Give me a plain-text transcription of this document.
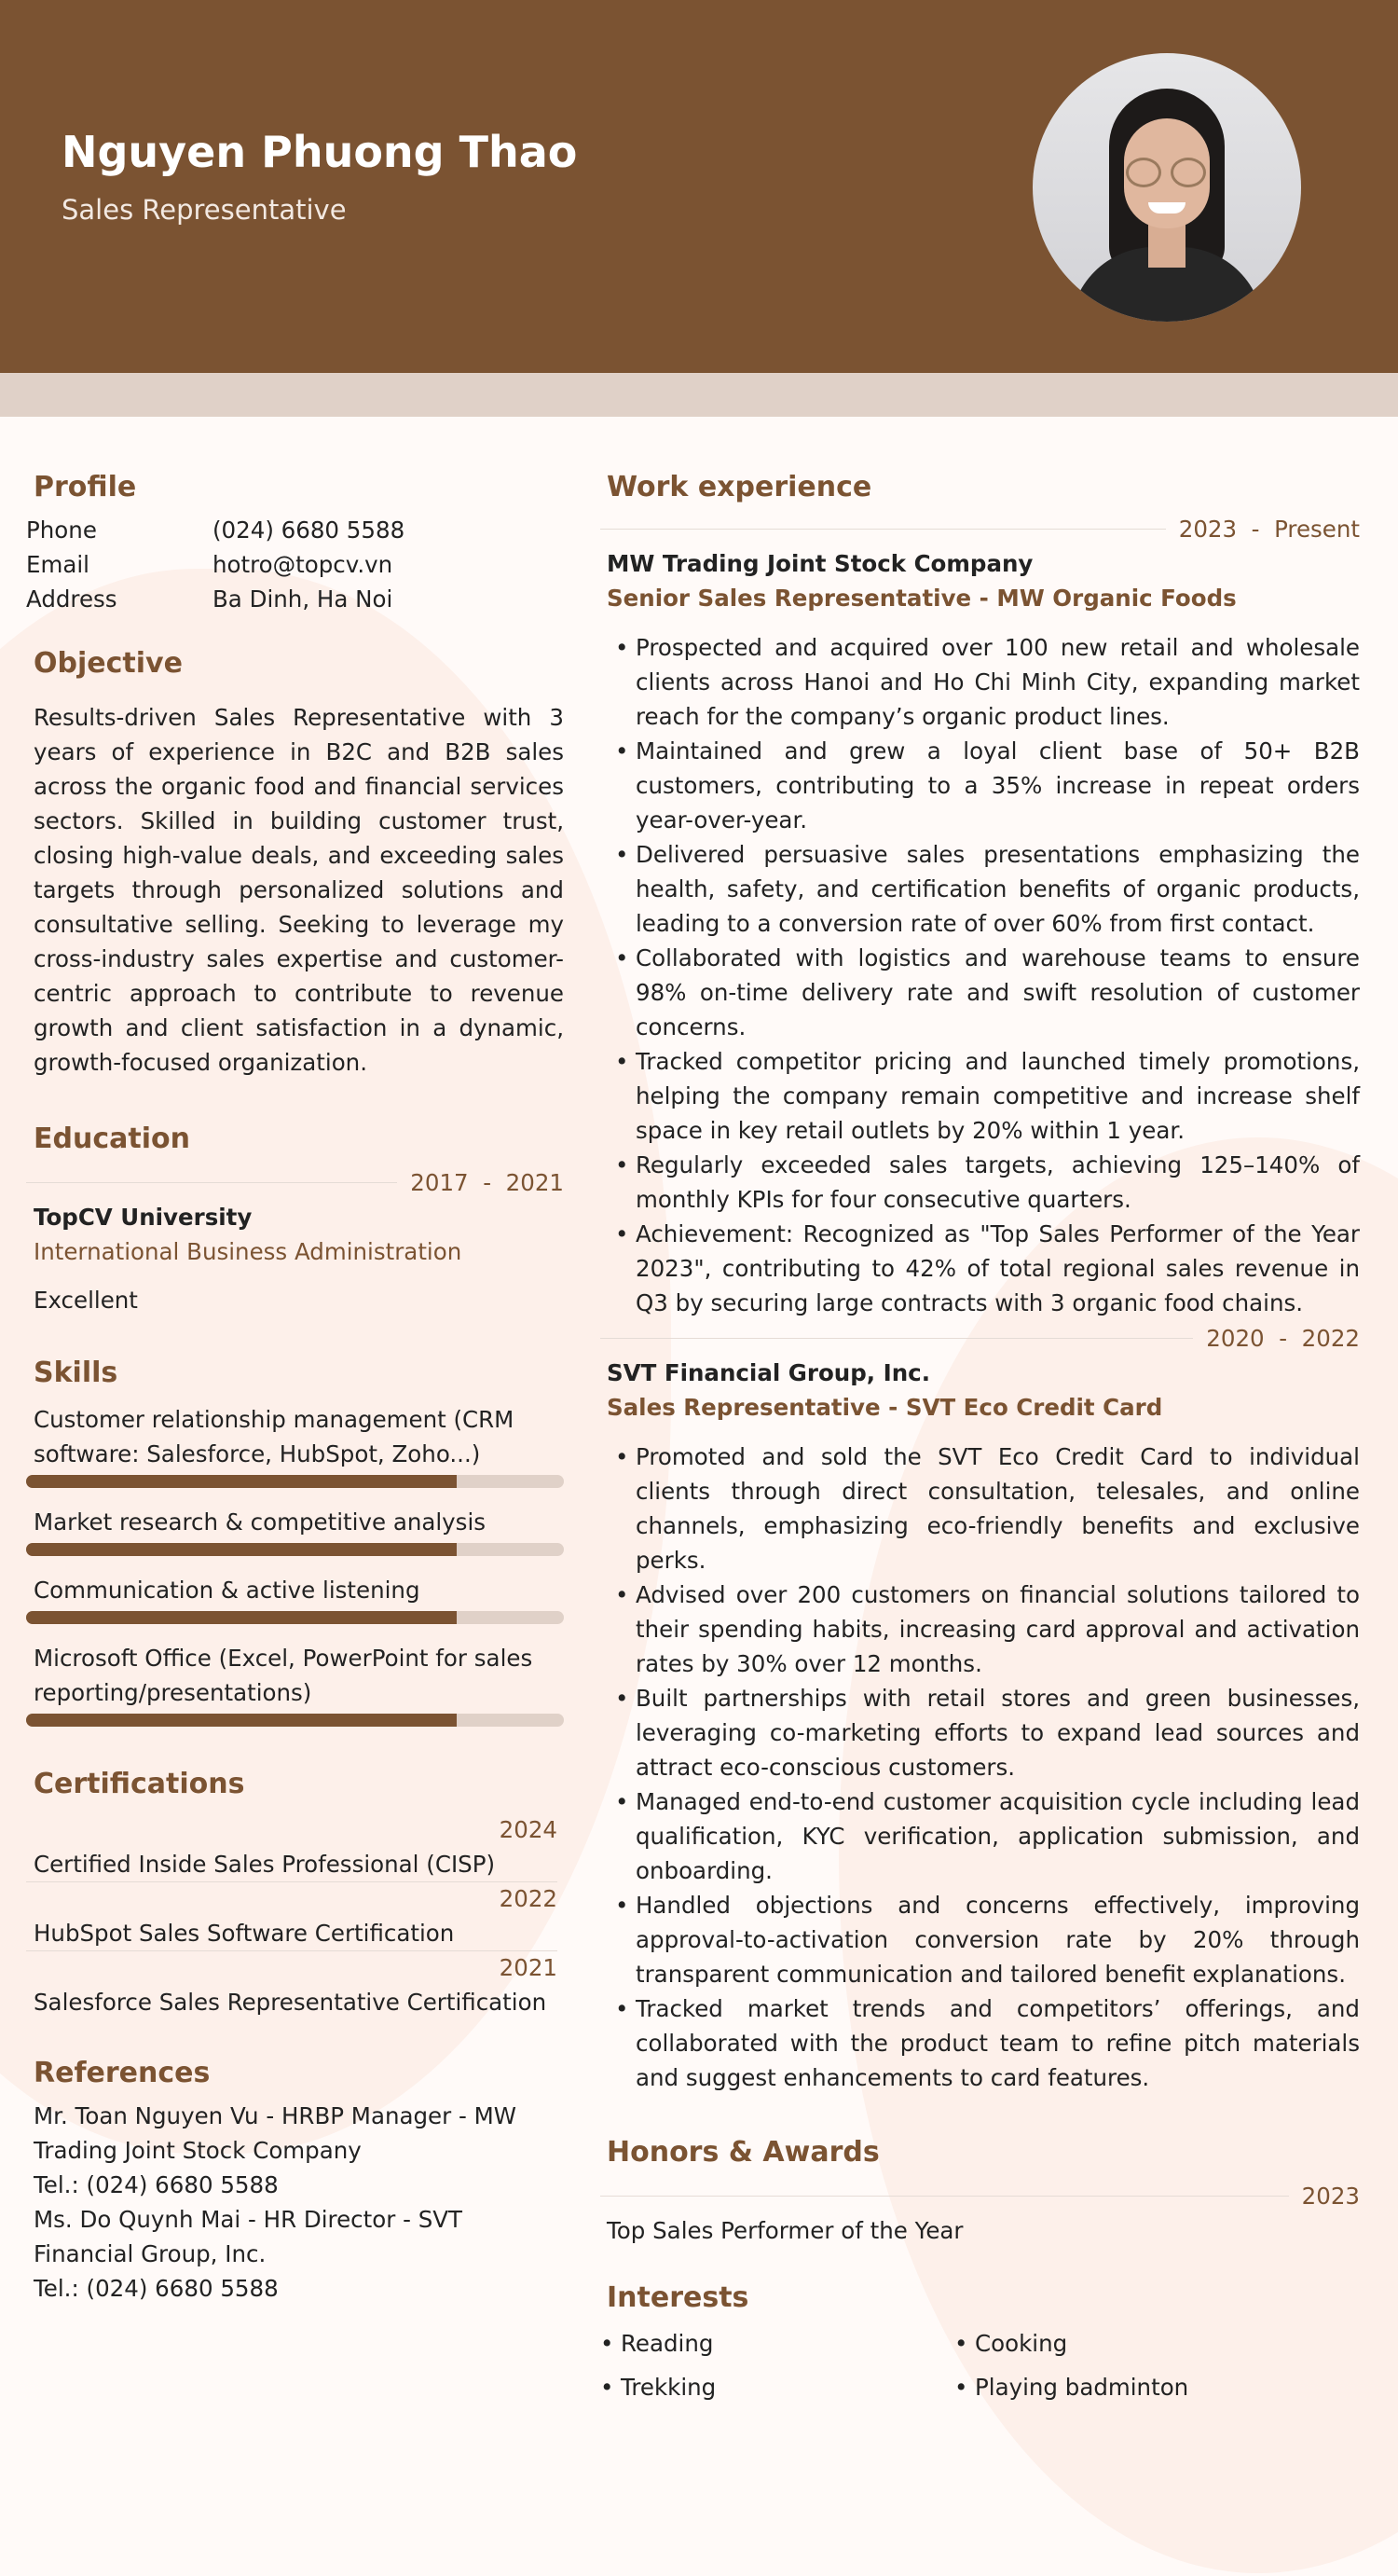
Nguyen Phuong Thao
Sales Representative
Profile
Phone	(024) 6680 5588
Email	hotro@topcv.vn
Address	Ba Dinh, Ha Noi
Objective
Results-driven Sales Representative with 3 years of experience in B2C and B2B sales across the organic food and financial services sectors. Skilled in building customer trust, closing high-value deals, and exceeding sales targets through personalized solutions and consultative selling. Seeking to leverage my cross-industry sales expertise and customer-centric approach to contribute to revenue growth and client satisfaction in a dynamic, growth-focused organization.
Education
2017  -  2021
TopCV University
International Business Administration
Excellent
Skills
Customer relationship management (CRM software: Salesforce, HubSpot, Zoho...)
Market research & competitive analysis
Communication & active listening
Microsoft Office (Excel, PowerPoint for sales reporting/presentations)
Certifications
2024
Certified Inside Sales Professional (CISP)
2022
HubSpot Sales Software Certification
2021
Salesforce Sales Representative Certification
References
Mr. Toan Nguyen Vu - HRBP Manager - MW Trading Joint Stock Company
Tel.: (024) 6680 5588
Ms. Do Quynh Mai - HR Director - SVT Financial Group, Inc.
Tel.: (024) 6680 5588
Work experience
2023  -  Present
MW Trading Joint Stock Company
Senior Sales Representative - MW Organic Foods
• Prospected and acquired over 100 new retail and wholesale clients across Hanoi and Ho Chi Minh City, expanding market reach for the company’s organic product lines.
• Maintained and grew a loyal client base of 50+ B2B customers, contributing to a 35% increase in repeat orders year-over-year.
• Delivered persuasive sales presentations emphasizing the health, safety, and certification benefits of organic products, leading to a conversion rate of over 60% from first contact.
• Collaborated with logistics and warehouse teams to ensure 98% on-time delivery rate and swift resolution of customer concerns.
• Tracked competitor pricing and launched timely promotions, helping the company remain competitive and increase shelf space in key retail outlets by 20% within 1 year.
• Regularly exceeded sales targets, achieving 125–140% of monthly KPIs for four consecutive quarters.
• Achievement: Recognized as "Top Sales Performer of the Year 2023", contributing to 42% of total regional sales revenue in Q3 by securing large contracts with 3 organic food chains.
2020  -  2022
SVT Financial Group, Inc.
Sales Representative - SVT Eco Credit Card
• Promoted and sold the SVT Eco Credit Card to individual clients through direct consultation, telesales, and online channels, emphasizing eco-friendly benefits and exclusive perks.
• Advised over 200 customers on financial solutions tailored to their spending habits, increasing card approval and activation rates by 30% over 12 months.
• Built partnerships with retail stores and green businesses, leveraging co-marketing efforts to expand lead sources and attract eco-conscious customers.
• Managed end-to-end customer acquisition cycle including lead qualification, KYC verification, application submission, and onboarding.
• Handled objections and concerns effectively, improving approval-to-activation conversion rate by 20% through transparent communication and tailored benefit explanations.
• Tracked market trends and competitors’ offerings, and collaborated with the product team to refine pitch materials and suggest enhancements to card features.
Honors & Awards
2023
Top Sales Performer of the Year
Interests
• Reading	• Cooking
• Trekking	• Playing badminton
